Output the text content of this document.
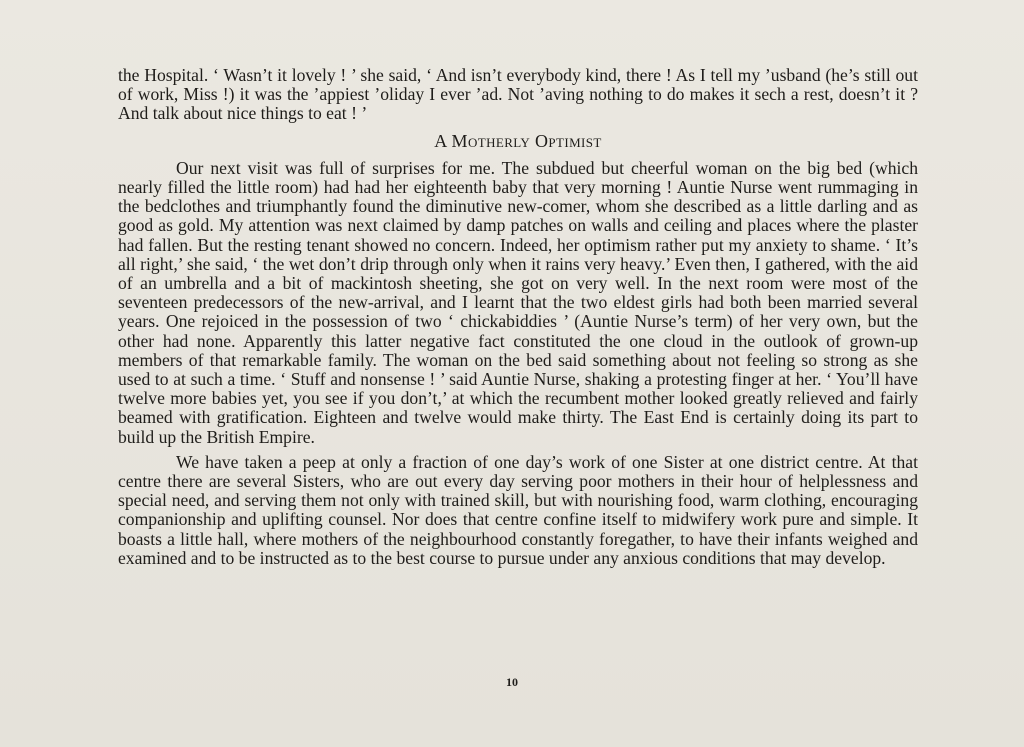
the Hospital. ‘ Wasn’t it lovely ! ’ she said, ‘ And isn’t everybody kind, there ! As I tell my ’usband (he’s still out of work, Miss !) it was the ’appiest ’oliday I ever ’ad. Not ’aving nothing to do makes it sech a rest, doesn’t it ? And talk about nice things to eat ! ’

A Motherly Optimist

Our next visit was full of surprises for me. The subdued but cheerful woman on the big bed (which nearly filled the little room) had had her eighteenth baby that very morning ! Auntie Nurse went rummaging in the bedclothes and triumphantly found the diminutive new-comer, whom she described as a little darling and as good as gold. My attention was next claimed by damp patches on walls and ceiling and places where the plaster had fallen. But the resting tenant showed no concern. Indeed, her optimism rather put my anxiety to shame. ‘ It’s all right,’ she said, ‘ the wet don’t drip through only when it rains very heavy.’ Even then, I gathered, with the aid of an umbrella and a bit of mackintosh sheeting, she got on very well. In the next room were most of the seventeen predecessors of the new-arrival, and I learnt that the two eldest girls had both been married several years. One rejoiced in the possession of two ‘ chickabiddies ’ (Auntie Nurse’s term) of her very own, but the other had none. Apparently this latter negative fact constituted the one cloud in the outlook of grown-up members of that remarkable family. The woman on the bed said something about not feeling so strong as she used to at such a time. ‘ Stuff and nonsense ! ’ said Auntie Nurse, shaking a protesting finger at her. ‘ You’ll have twelve more babies yet, you see if you don’t,’ at which the recumbent mother looked greatly relieved and fairly beamed with gratification. Eighteen and twelve would make thirty. The East End is certainly doing its part to build up the British Empire.

We have taken a peep at only a fraction of one day’s work of one Sister at one district centre. At that centre there are several Sisters, who are out every day serving poor mothers in their hour of helplessness and special need, and serving them not only with trained skill, but with nourishing food, warm clothing, encouraging companionship and uplifting counsel. Nor does that centre confine itself to midwifery work pure and simple. It boasts a little hall, where mothers of the neighbourhood constantly foregather, to have their infants weighed and examined and to be instructed as to the best course to pursue under any anxious conditions that may develop.

10
